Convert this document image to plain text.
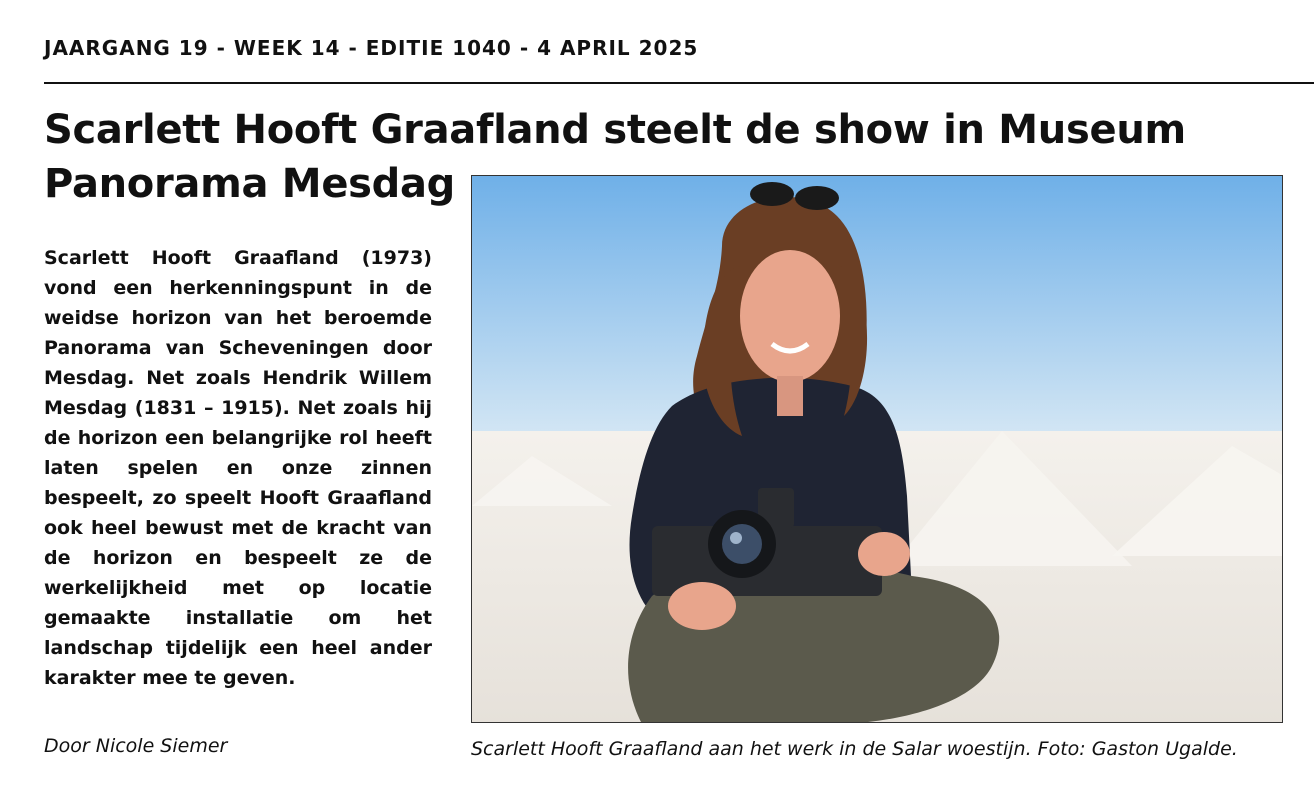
JAARGANG 19 - WEEK 14 - EDITIE 1040 - 4 APRIL 2025
Scarlett Hooft Graafland steelt de show in Museum Panorama Mesdag

Scarlett Hooft Graafland (1973) vond een herkenningspunt in de weidse horizon van het beroemde Panorama van Scheveningen door Mesdag. Net zoals Hendrik Willem Mesdag (1831 – 1915). Net zoals hij de horizon een belangrijke rol heeft laten spelen en onze zinnen bespeelt, zo speelt Hooft Graafland ook heel bewust met de kracht van de horizon en bespeelt ze de werkelijkheid met op locatie gemaakte installatie om het landschap tijdelijk een heel ander karakter mee te geven.

Door Nicole Siemer	Scarlett Hooft Graafland aan het werk in de Salar woestijn. Foto: Gaston Ugalde.
